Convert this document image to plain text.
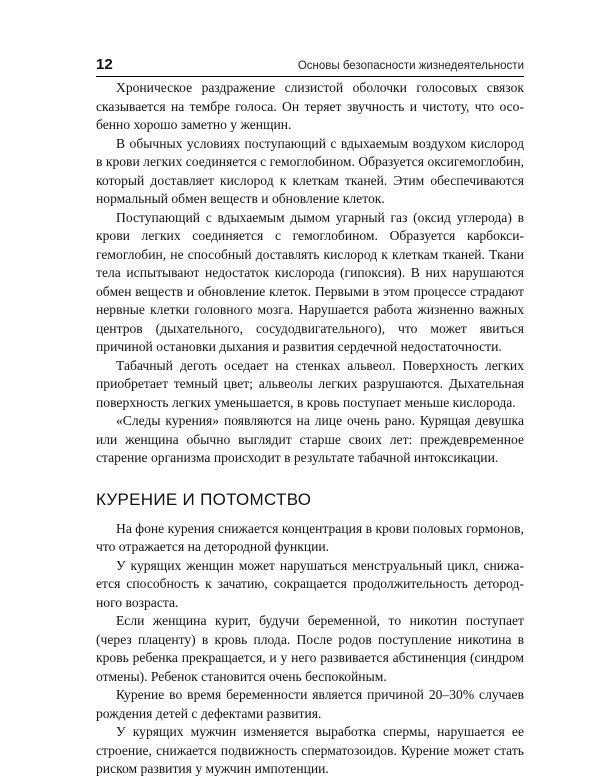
12	Основы безопасности жизнедеятельности

Хроническое раздражение слизистой оболочки голосовых связок сказывается на тембре голоса. Он теряет звучность и чистоту, что особенно хорошо заметно у женщин.

В обычных условиях поступающий с вдыхаемым воздухом кислород в крови легких соединяется с гемоглобином. Образуется оксигемоглобин, который доставляет кислород к клеткам тканей. Этим обеспечиваются нормальный обмен веществ и обновление клеток.

Поступающий с вдыхаемым дымом угарный газ (оксид углерода) в крови легких соединяется с гемоглобином. Образуется карбоксигемоглобин, не способный доставлять кислород к клеткам тканей. Ткани тела испытывают недостаток кислорода (гипоксия). В них нарушаются обмен веществ и обновление клеток. Первыми в этом процессе страдают нервные клетки головного мозга. Нарушается работа жизненно важных центров (дыхательного, сосудодвигательного), что может явиться причиной остановки дыхания и развития сердечной недостаточности.

Табачный деготь оседает на стенках альвеол. Поверхность легких приобретает темный цвет; альвеолы легких разрушаются. Дыхательная поверхность легких уменьшается, в кровь поступает меньше кислорода.

«Следы курения» появляются на лице очень рано. Курящая девушка или женщина обычно выглядит старше своих лет: преждевременное старение организма происходит в результате табачной интоксикации.

КУРЕНИЕ И ПОТОМСТВО

На фоне курения снижается концентрация в крови половых гормонов, что отражается на детородной функции.

У курящих женщин может нарушаться менструальный цикл, снижается способность к зачатию, сокращается продолжительность детородного возраста.

Если женщина курит, будучи беременной, то никотин поступает (через плаценту) в кровь плода. После родов поступление никотина в кровь ребенка прекращается, и у него развивается абстиненция (синдром отмены). Ребенок становится очень беспокойным.

Курение во время беременности является причиной 20–30% случаев рождения детей с дефектами развития.

У курящих мужчин изменяется выработка спермы, нарушается ее строение, снижается подвижность сперматозоидов. Курение может стать риском развития у мужчин импотенции.
